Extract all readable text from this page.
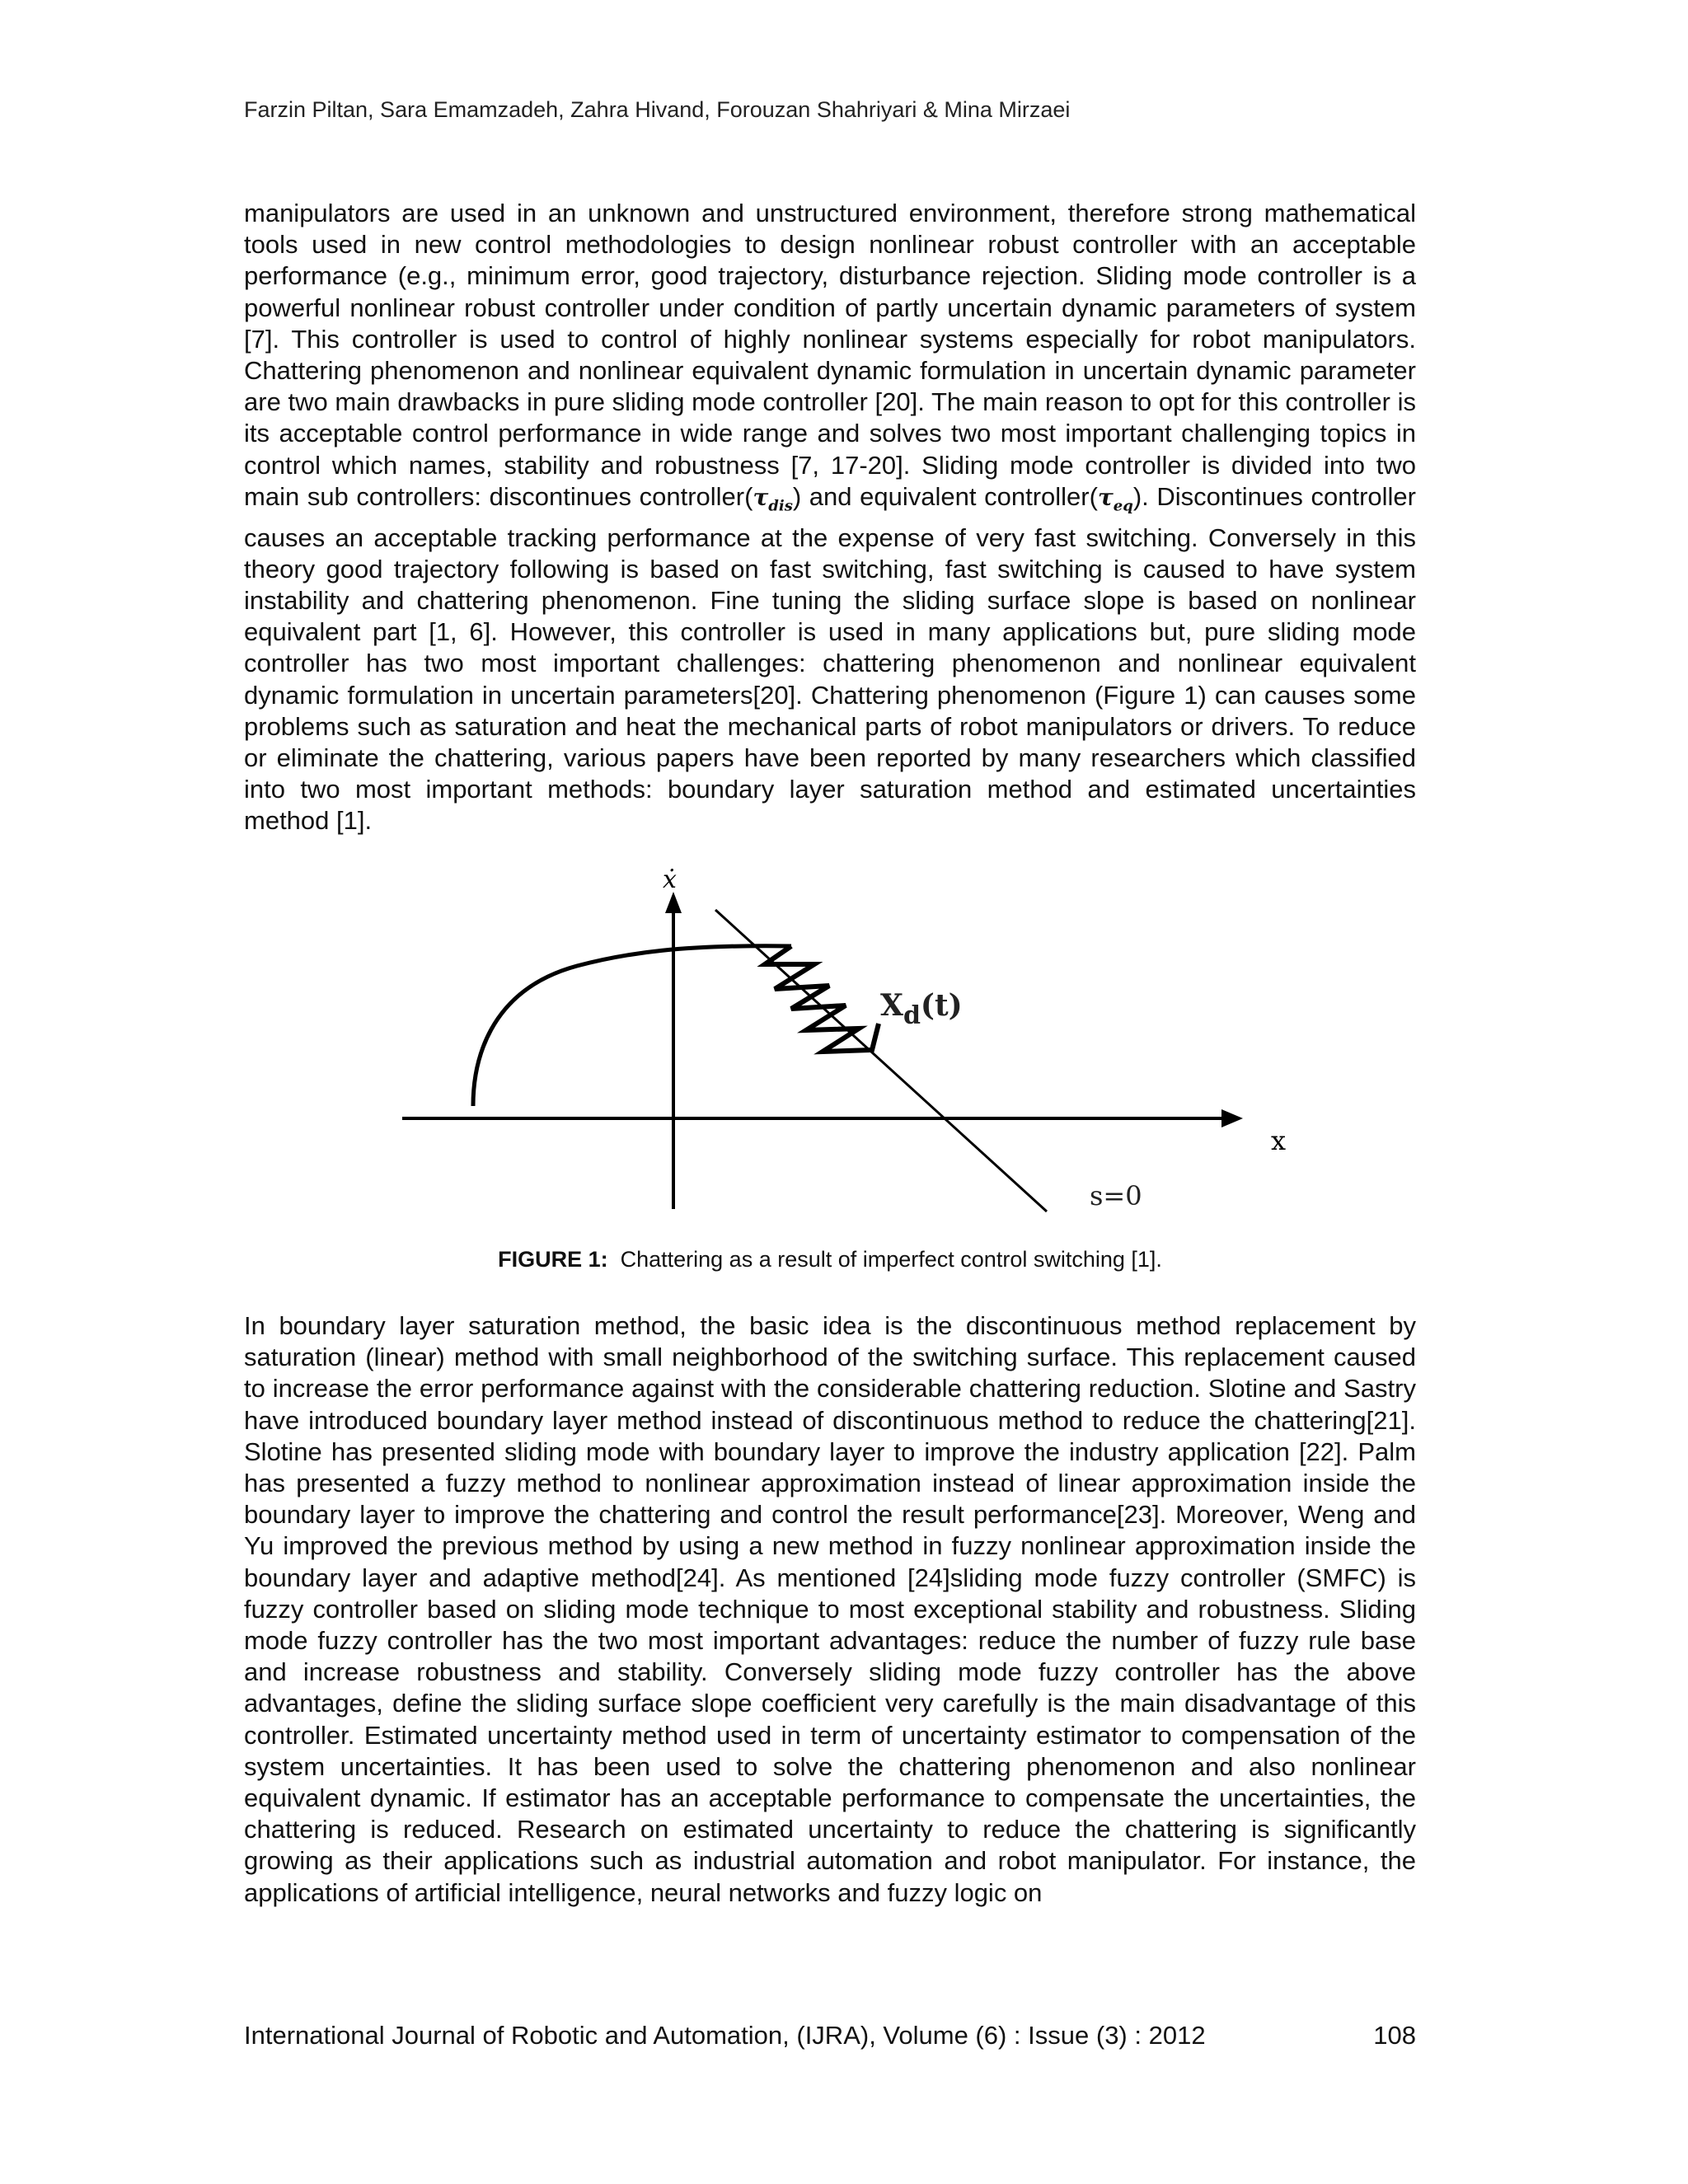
Farzin Piltan, Sara Emamzadeh, Zahra Hivand, Forouzan Shahriyari & Mina Mirzaei
manipulators are used in an unknown and unstructured environment, therefore strong mathematical tools used in new control methodologies to design nonlinear robust controller with an acceptable performance (e.g., minimum error, good trajectory, disturbance rejection. Sliding mode controller is a powerful nonlinear robust controller under condition of partly uncertain dynamic parameters of system [7]. This controller is used to control of highly nonlinear systems especially for robot manipulators. Chattering phenomenon and nonlinear equivalent dynamic formulation in uncertain dynamic parameter are two main drawbacks in pure sliding mode controller [20]. The main reason to opt for this controller is its acceptable control performance in wide range and solves two most important challenging topics in control which names, stability and robustness [7, 17-20]. Sliding mode controller is divided into two main sub controllers: discontinues $controller(\tau_{dis})$ and equivalent $controller(\tau_{eq})$. Discontinues controller causes an acceptable tracking performance at the expense of very fast switching. Conversely in this theory good trajectory following is based on fast switching, fast switching is caused to have system instability and chattering phenomenon. Fine tuning the sliding surface slope is based on nonlinear equivalent part [1, 6]. However, this controller is used in many applications but, pure sliding mode controller has two most important challenges: chattering phenomenon and nonlinear equivalent dynamic formulation in uncertain parameters[20]. Chattering phenomenon (Figure 1) can causes some problems such as saturation and heat the mechanical parts of robot manipulators or drivers. To reduce or eliminate the chattering, various papers have been reported by many researchers which classified into two most important methods: boundary layer saturation method and estimated uncertainties method [1].
ẋ
x
$X_d(t)$
s=0
FIGURE 1: Chattering as a result of imperfect control switching [1].
In boundary layer saturation method, the basic idea is the discontinuous method replacement by saturation (linear) method with small neighborhood of the switching surface. This replacement caused to increase the error performance against with the considerable chattering reduction. Slotine and Sastry have introduced boundary layer method instead of discontinuous method to reduce the chattering[21]. Slotine has presented sliding mode with boundary layer to improve the industry application [22]. Palm has presented a fuzzy method to nonlinear approximation instead of linear approximation inside the boundary layer to improve the chattering and control the result performance[23]. Moreover, Weng and Yu improved the previous method by using a new method in fuzzy nonlinear approximation inside the boundary layer and adaptive method[24]. As mentioned [24]sliding mode fuzzy controller (SMFC) is fuzzy controller based on sliding mode technique to most exceptional stability and robustness. Sliding mode fuzzy controller has the two most important advantages: reduce the number of fuzzy rule base and increase robustness and stability. Conversely sliding mode fuzzy controller has the above advantages, define the sliding surface slope coefficient very carefully is the main disadvantage of this controller. Estimated uncertainty method used in term of uncertainty estimator to compensation of the system uncertainties. It has been used to solve the chattering phenomenon and also nonlinear equivalent dynamic. If estimator has an acceptable performance to compensate the uncertainties, the chattering is reduced. Research on estimated uncertainty to reduce the chattering is significantly growing as their applications such as industrial automation and robot manipulator. For instance, the applications of artificial intelligence, neural networks and fuzzy logic on
International Journal of Robotic and Automation, (IJRA), Volume (6) : Issue (3) : 2012	108
